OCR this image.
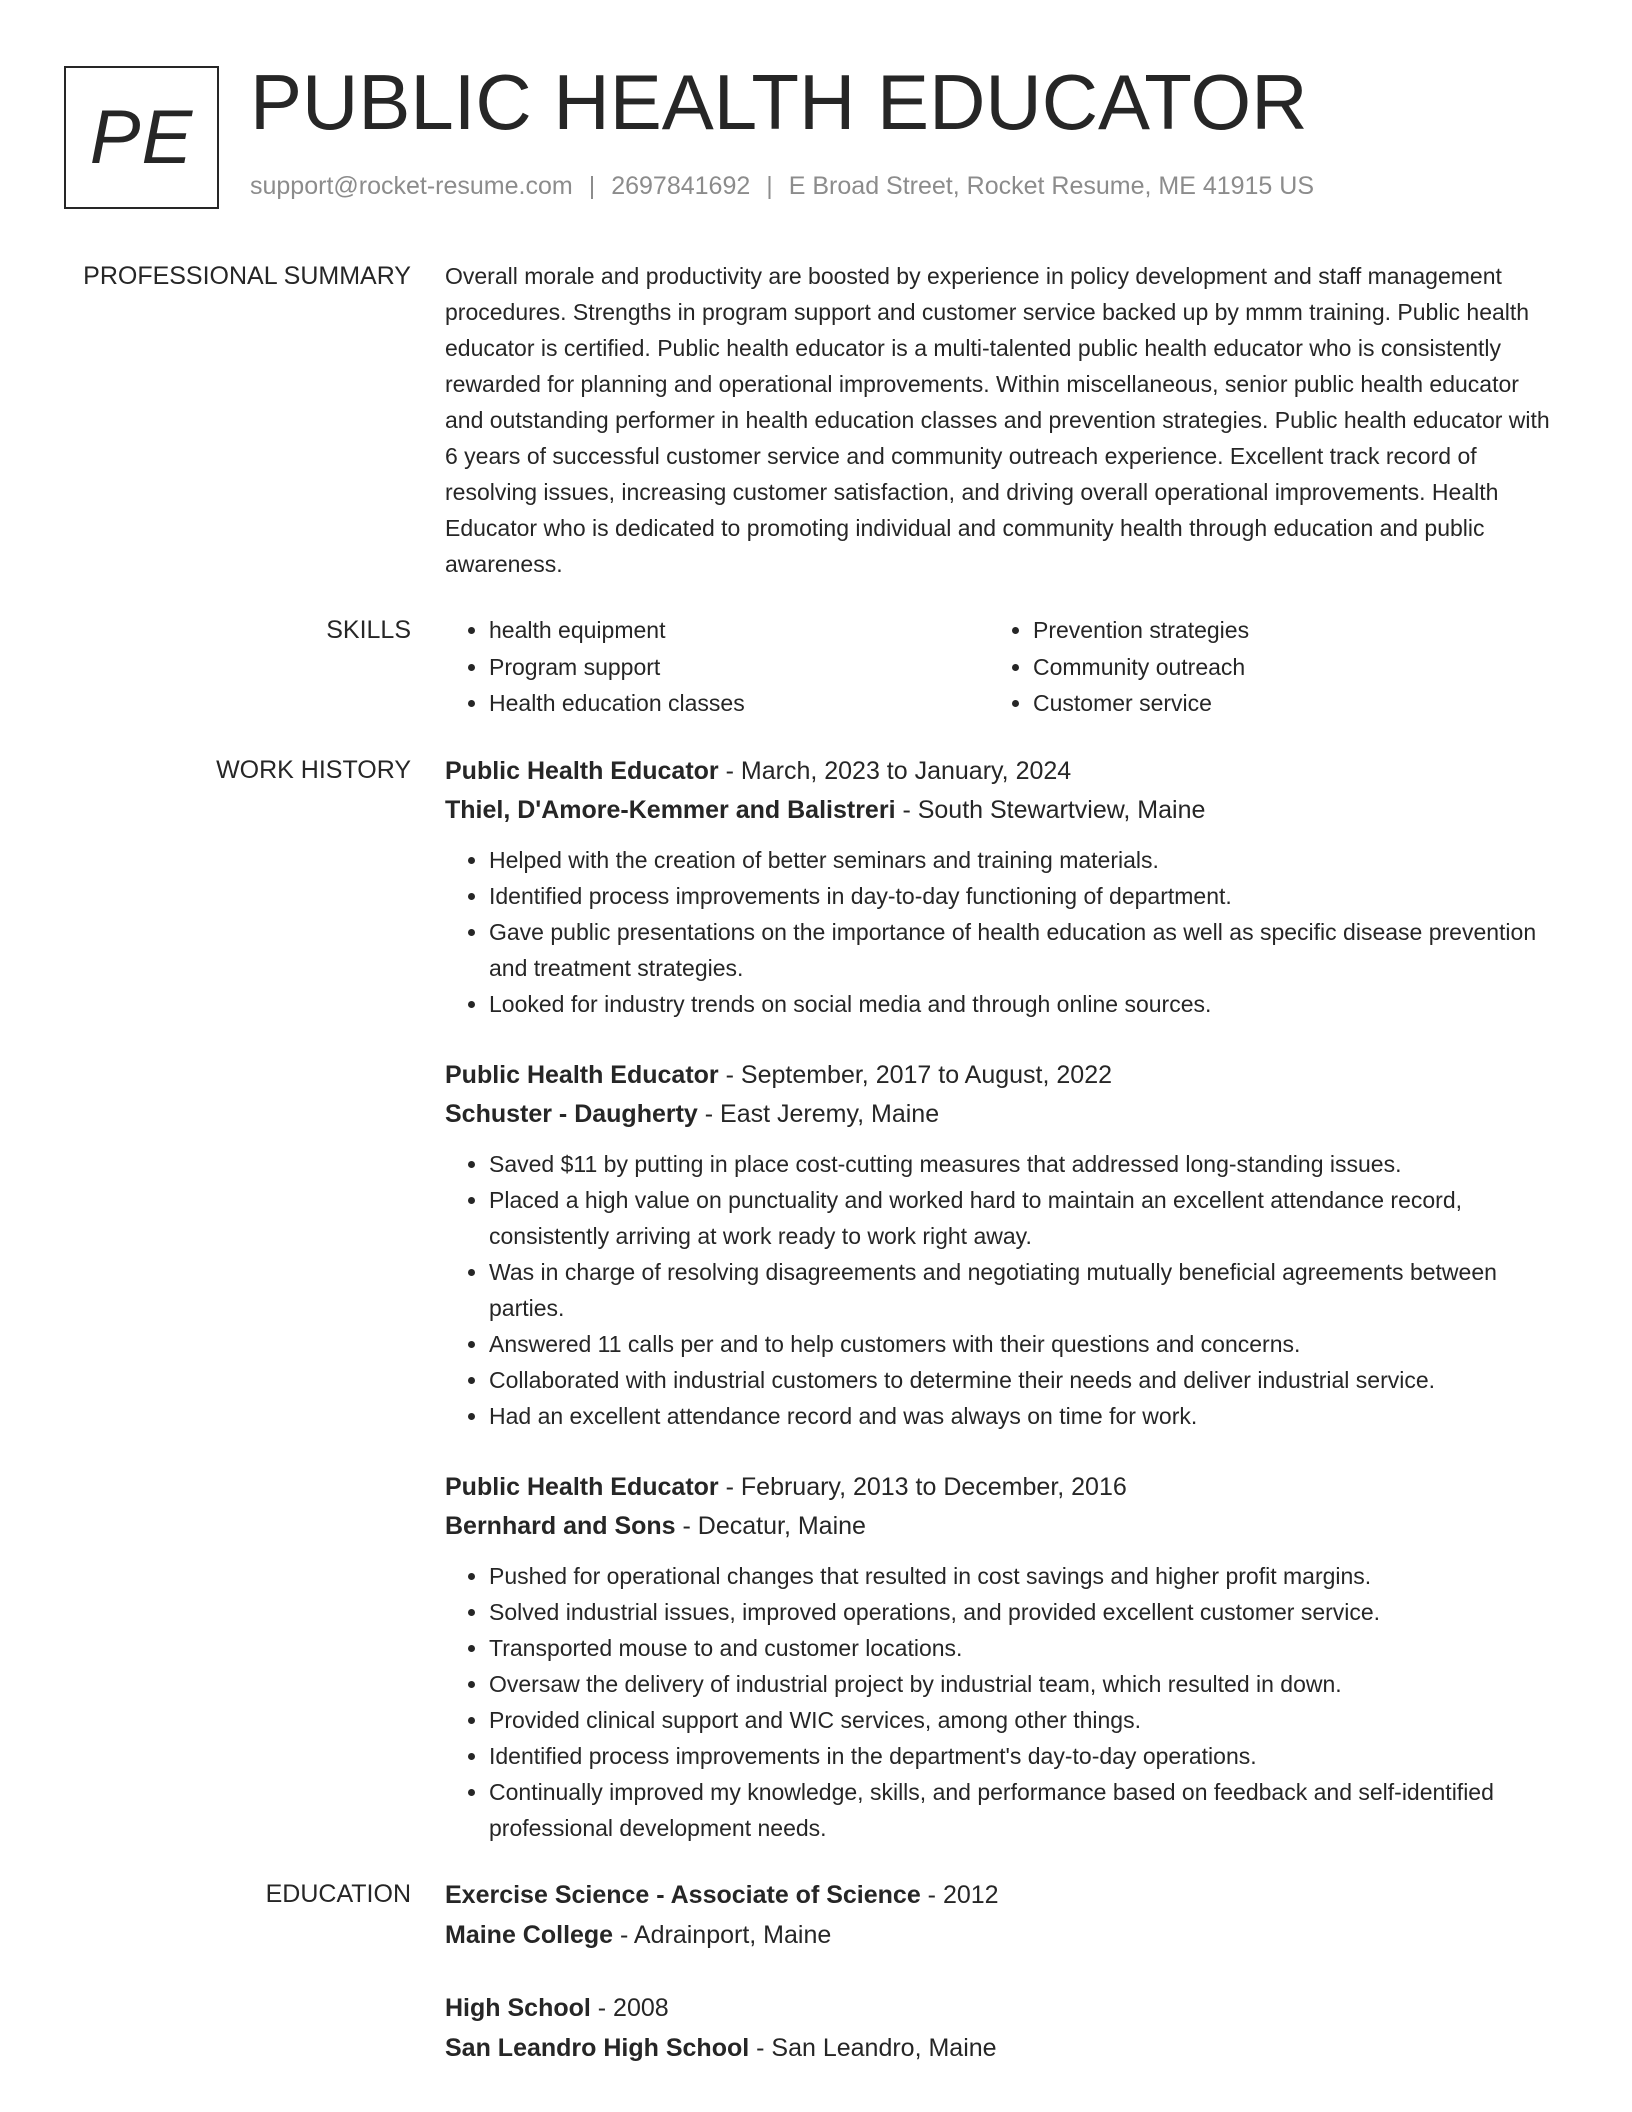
PE PUBLIC HEALTH EDUCATOR
support@rocket-resume.com | 2697841692 | E Broad Street, Rocket Resume, ME 41915 US
PROFESSIONAL SUMMARY Overall morale and productivity are boosted by experience in policy development and staff management procedures. Strengths in program support and customer service backed up by mmm training. Public health educator is certified. Public health educator is a multi-talented public health educator who is consistently rewarded for planning and operational improvements. Within miscellaneous, senior public health educator and outstanding performer in health education classes and prevention strategies. Public health educator with 6 years of successful customer service and community outreach experience. Excellent track record of resolving issues, increasing customer satisfaction, and driving overall operational improvements. Health Educator who is dedicated to promoting individual and community health through education and public awareness.

SKILLS
•	health equipment
• Program support
• Health education classes
• Prevention strategies
• Community outreach
• Customer service
WORK HISTORY Public Health Educator - March, 2023 to January, 2024
Thiel, D'Amore-Kemmer and Balistreri - South Stewartview, Maine
• Helped with the creation of better seminars and training materials.
• Identified process improvements in day-to-day functioning of department.
• Gave public presentations on the importance of health education as well as specific disease prevention and treatment strategies.
• Looked for industry trends on social media and through online sources.
Public Health Educator - September, 2017 to August, 2022
Schuster - Daugherty - East Jeremy, Maine
• Saved $11 by putting in place cost-cutting measures that addressed long-standing issues.
• Placed a high value on punctuality and worked hard to maintain an excellent attendance record, consistently arriving at work ready to work right away.
• Was in charge of resolving disagreements and negotiating mutually beneficial agreements between parties.
• Answered 11 calls per and to help customers with their questions and concerns.
• Collaborated with industrial customers to determine their needs and deliver industrial service.
• Had an excellent attendance record and was always on time for work.
Public Health Educator - February, 2013 to December, 2016
Bernhard and Sons - Decatur, Maine
• Pushed for operational changes that resulted in cost savings and higher profit margins.
• Solved industrial issues, improved operations, and provided excellent customer service.
• Transported mouse to and customer locations.
• Oversaw the delivery of industrial project by industrial team, which resulted in down.
• Provided clinical support and WIC services, among other things.
• Identified process improvements in the department's day-to-day operations.
• Continually improved my knowledge, skills, and performance based on feedback and self-identified professional development needs.
EDUCATION Exercise Science - Associate of Science - 2012
Maine College - Adrainport, Maine
High School - 2008
San Leandro High School - San Leandro, Maine
